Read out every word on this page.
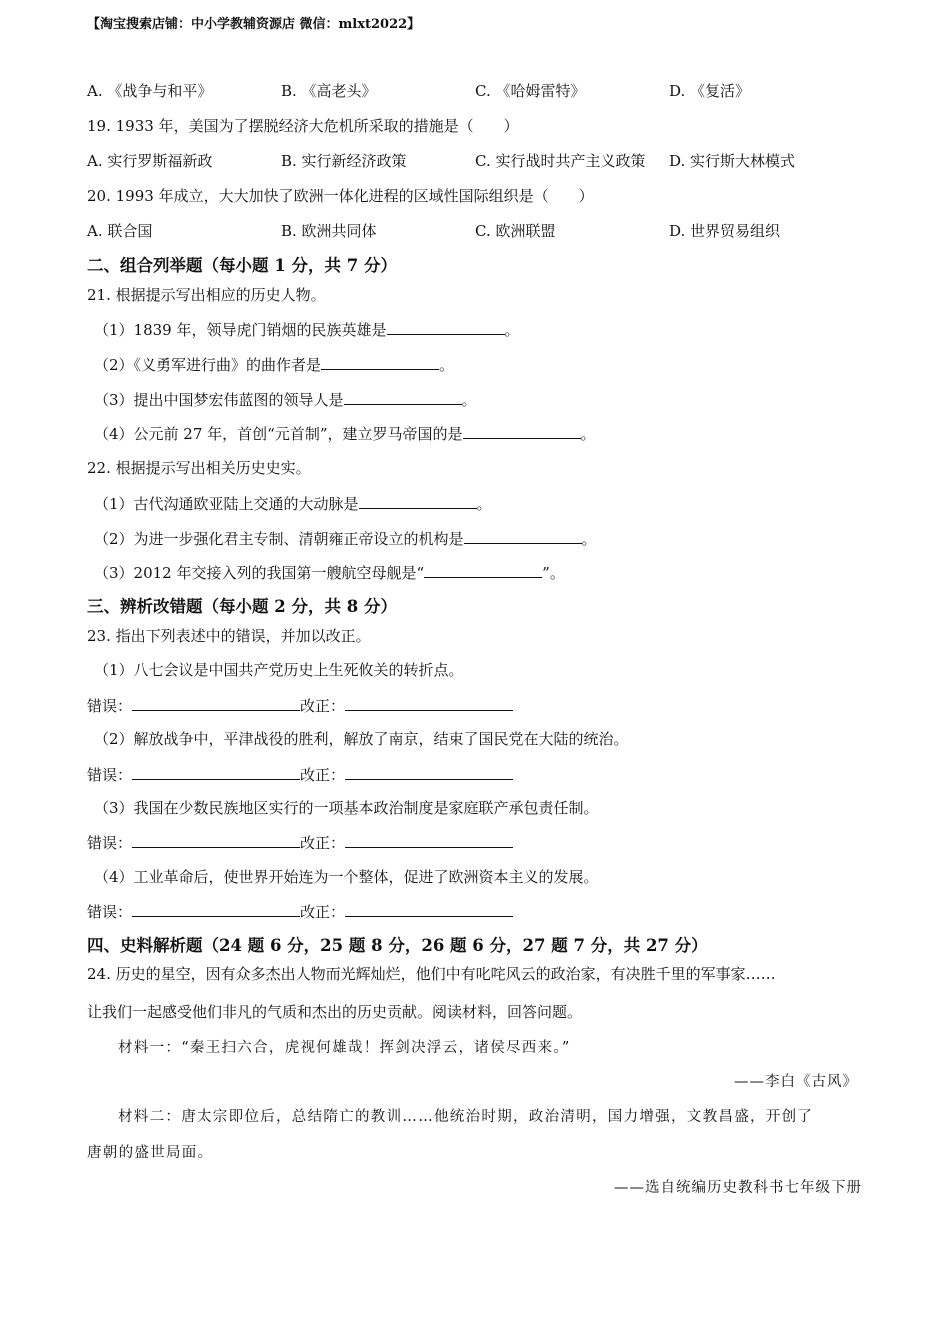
【淘宝搜索店铺：中小学教辅资源店 微信：mlxt2022】
A. 《战争与和平》	B. 《高老头》	C. 《哈姆雷特》	D. 《复活》
19. 1933 年，美国为了摆脱经济大危机所采取的措施是（　　）
A. 实行罗斯福新政	B. 实行新经济政策	C. 实行战时共产主义政策 D. 实行斯大林模式
20. 1993 年成立，大大加快了欧洲一体化进程的区域性国际组织是（　　）
A. 联合国	B. 欧洲共同体	C. 欧洲联盟	D. 世界贸易组织
二、组合列举题（每小题 1 分，共 7 分）
21. 根据提示写出相应的历史人物。
（1）1839 年，领导虎门销烟的民族英雄是	。
（2）《义勇军进行曲》的曲作者是	。
（3）提出中国梦宏伟蓝图的领导人是	。
（4）公元前 27 年，首创“元首制”，建立罗马帝国的是	。
22. 根据提示写出相关历史史实。
（1）古代沟通欧亚陆上交通的大动脉是	。
（2）为进一步强化君主专制、清朝雍正帝设立的机构是	。
（3）2012 年交接入列的我国第一艘航空母舰是“	”。
三、辨析改错题（每小题 2 分，共 8 分）
23. 指出下列表述中的错误，并加以改正。
（1）八七会议是中国共产党历史上生死攸关的转折点。
错误：	改正：
（2）解放战争中，平津战役的胜利，解放了南京，结束了国民党在大陆的统治。
错误：	改正：
（3）我国在少数民族地区实行的一项基本政治制度是家庭联产承包责任制。
错误：	改正：
（4）工业革命后，使世界开始连为一个整体，促进了欧洲资本主义的发展。
错误：	改正：
四、史料解析题（24 题 6 分，25 题 8 分，26 题 6 分，27 题 7 分，共 27 分）
24. 历史的星空，因有众多杰出人物而光辉灿烂，他们中有叱咤风云的政治家，有决胜千里的军事家……
让我们一起感受他们非凡的气质和杰出的历史贡献。阅读材料，回答问题。
材料一：“秦王扫六合，虎视何雄哉！挥剑决浮云，诸侯尽西来。”
——李白《古风》
材料二：唐太宗即位后，总结隋亡的教训……他统治时期，政治清明，国力增强，文教昌盛，开创了
唐朝的盛世局面。
——选自统编历史教科书七年级下册
